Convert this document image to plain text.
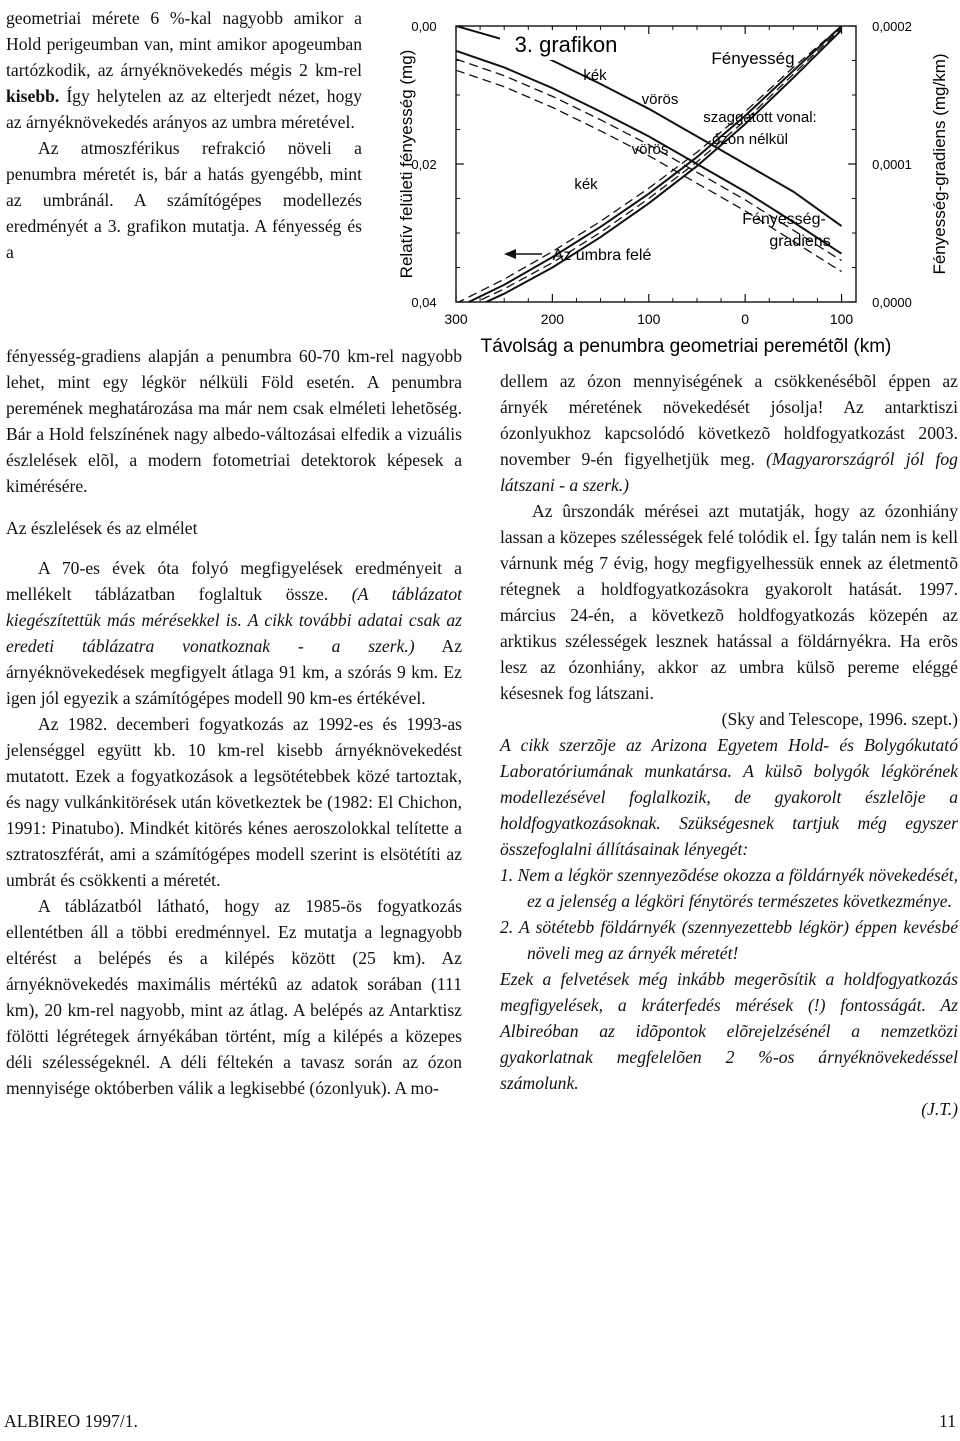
geometriai mérete 6 %-kal nagyobb amikor a Hold perigeumban van, mint amikor apogeumban tartózkodik, az árnyéknövekedés mégis 2 km-rel kisebb. Így helytelen az az elterjedt nézet, hogy az árnyéknövekedés arányos az umbra méretével.

Az atmoszférikus refrakció növeli a penumbra méretét is, bár a hatás gyengébb, mint az umbránál. A számítógépes modellezés eredményét a 3. grafikon mutatja. A fényesség és a

300	200	100	0	100
0,00
0,02
0,04
0,0002
0,0001
0,0000
Relatív felületi fényesség (mg)	Fényesség-gradiens (mg/km)
Távolság a penumbra geometriai peremétõl (km)
3. grafikon
kék
vörös
vörös
kék
Fényesség
szaggatott vonal:
ózon nélkül
Fényesség-
gradiens
Az umbra felé

fényesség-gradiens alapján a penumbra 60-70 km-rel nagyobb lehet, mint egy légkör nélküli Föld esetén. A penumbra peremének meghatározása ma már nem csak elméleti lehetõség. Bár a Hold felszínének nagy albedo-változásai elfedik a vizuális észlelések elõl, a modern fotometriai detektorok képesek a kimérésére.

Az észlelések és az elmélet

A 70-es évek óta folyó megfigyelések eredményeit a mellékelt táblázatban foglaltuk össze. (A táblázatot kiegészítettük más mérésekkel is. A cikk további adatai csak az eredeti táblázatra vonatkoznak - a szerk.) Az árnyéknövekedések megfigyelt átlaga 91 km, a szórás 9 km. Ez igen jól egyezik a számítógépes modell 90 km-es értékével.

Az 1982. decemberi fogyatkozás az 1992-es és 1993-as jelenséggel együtt kb. 10 km-rel kisebb árnyéknövekedést mutatott. Ezek a fogyatkozások a legsötétebbek közé tartoztak, és nagy vulkánkitörések után következtek be (1982: El Chichon, 1991: Pinatubo). Mindkét kitörés kénes aeroszolokkal telítette a sztratoszférát, ami a számítógépes modell szerint is elsötétíti az umbrát és csökkenti a méretét.

A táblázatból látható, hogy az 1985-ös fogyatkozás ellentétben áll a többi eredménnyel. Ez mutatja a legnagyobb eltérést a belépés és a kilépés között (25 km). Az árnyéknövekedés maximális mértékû az adatok sorában (111 km), 20 km-rel nagyobb, mint az átlag. A belépés az Antarktisz fölötti légrétegek árnyékában történt, míg a kilépés a közepes déli szélességeknél. A déli féltekén a tavasz során az ózon mennyisége októberben válik a legkisebbé (ózonlyuk). A mo-

dellem az ózon mennyiségének a csökkenésébõl éppen az árnyék méretének növekedését jósolja! Az antarktiszi ózonlyukhoz kapcsolódó következõ holdfogyatkozást 2003. november 9-én figyelhetjük meg. (Magyarországról jól fog látszani - a szerk.)

Az ûrszondák mérései azt mutatják, hogy az ózonhiány lassan a közepes szélességek felé tolódik el. Így talán nem is kell várnunk még 7 évig, hogy megfigyelhessük ennek az életmentõ rétegnek a holdfogyatkozásokra gyakorolt hatását. 1997. március 24-én, a következõ holdfogyatkozás közepén az arktikus szélességek lesznek hatással a földárnyékra. Ha erõs lesz az ózonhiány, akkor az umbra külsõ pereme eléggé késesnek fog látszani.

(Sky and Telescope, 1996. szept.)

A cikk szerzõje az Arizona Egyetem Hold- és Bolygókutató Laboratóriumának munkatársa. A külsõ bolygók légkörének modellezésével foglalkozik, de gyakorolt észlelõje a holdfogyatkozásoknak. Szükségesnek tartjuk még egyszer összefoglalni állításainak lényegét:

1. Nem a légkör szennyezõdése okozza a földárnyék növekedését, ez a jelenség a légköri fénytörés természetes következménye.
2. A sötétebb földárnyék (szennyezettebb légkör) éppen kevésbé növeli meg az árnyék méretét!

Ezek a felvetések még inkább megerõsítik a holdfogyatkozás megfigyelések, a kráterfedés mérések (!) fontosságát. Az Albireóban az idõpontok elõrejelzésénél a nemzetközi gyakorlatnak megfelelõen 2 %-os árnyéknövekedéssel számolunk.

(J.T.)

ALBIREO 1997/1.	11
